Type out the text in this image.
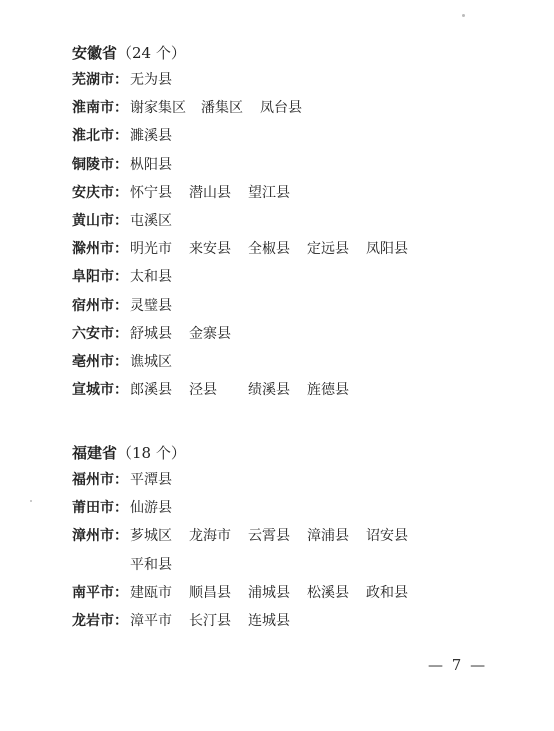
安徽省（24 个）
芜湖市： 无为县
淮南市： 谢家集区 潘集区 凤台县
淮北市： 濉溪县
铜陵市： 枞阳县
安庆市： 怀宁县 潜山县 望江县
黄山市： 屯溪区
滁州市： 明光市 来安县 全椒县 定远县 凤阳县
阜阳市： 太和县
宿州市： 灵璧县
六安市： 舒城县 金寨县
亳州市： 谯城区
宣城市： 郎溪县 泾县 绩溪县 旌德县
福建省（18 个）
福州市： 平潭县
莆田市： 仙游县
漳州市： 芗城区 龙海市 云霄县 漳浦县 诏安县
平和县
南平市： 建瓯市 顺昌县 浦城县 松溪县 政和县
龙岩市： 漳平市 长汀县 连城县
— 7 —
